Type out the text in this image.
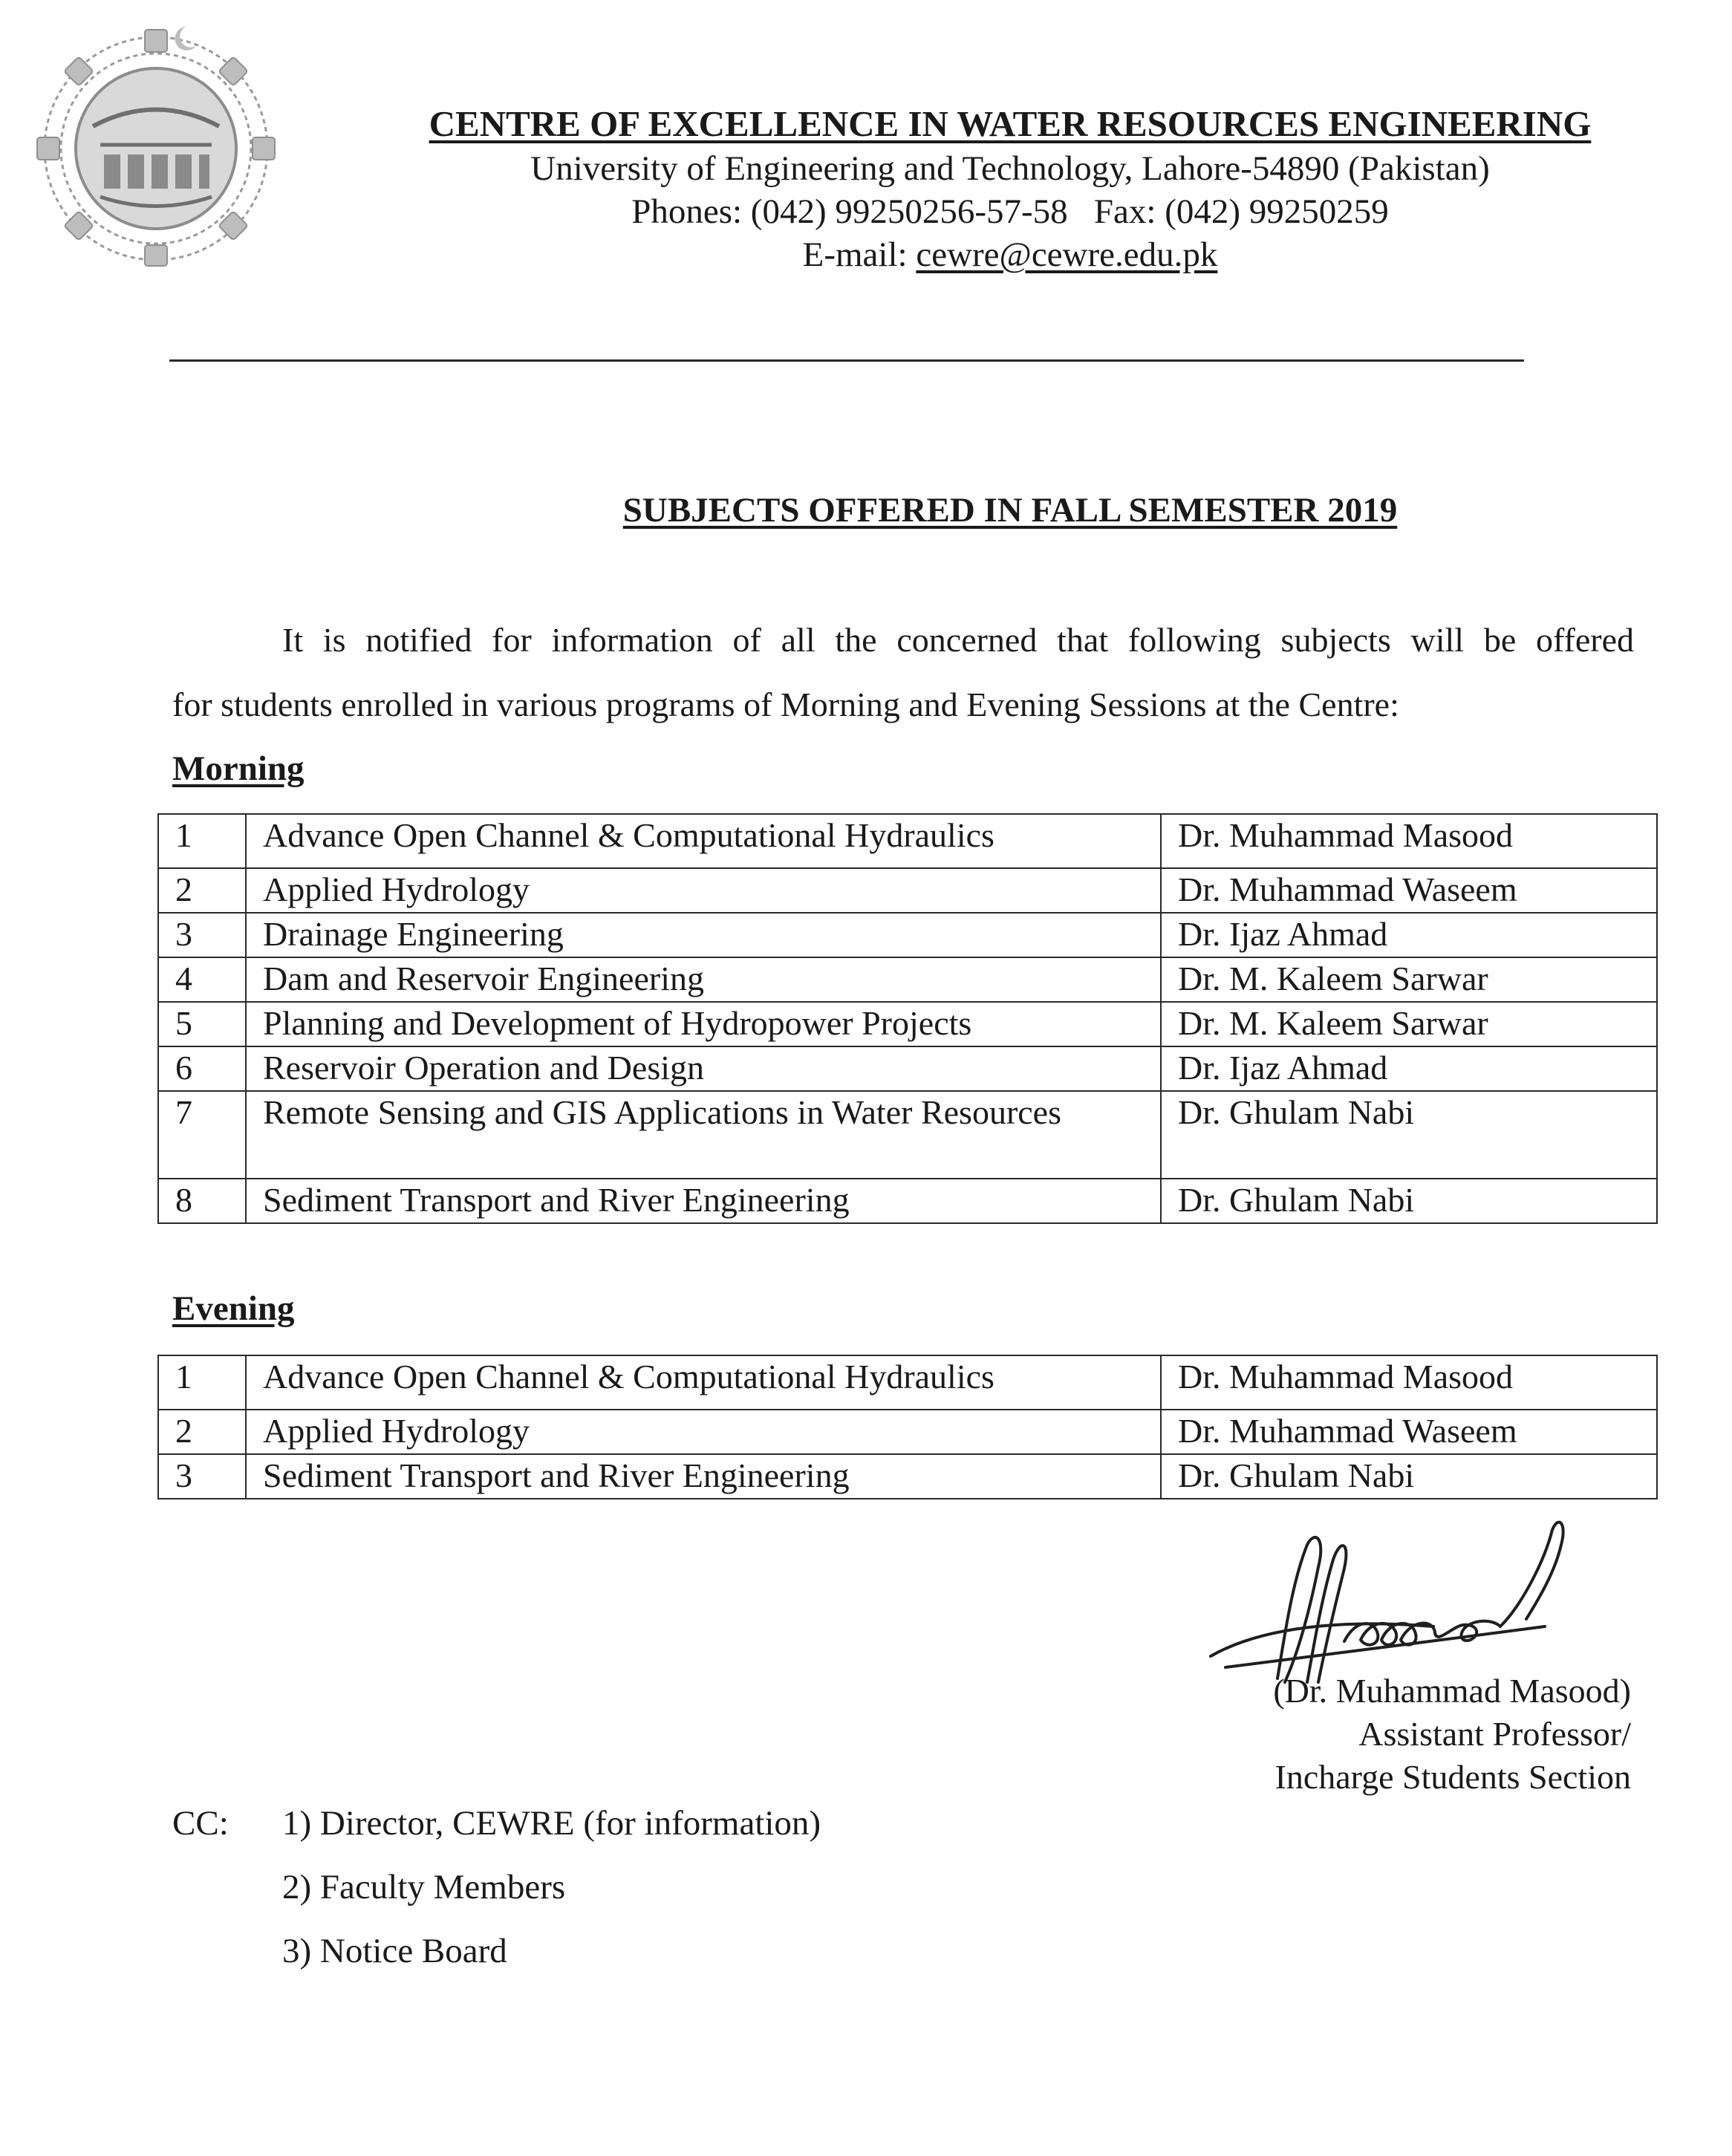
CENTRE OF EXCELLENCE IN WATER RESOURCES ENGINEERING
University of Engineering and Technology, Lahore-54890 (Pakistan)
Phones: (042) 99250256-57-58   Fax: (042) 99250259
E-mail: cewre@cewre.edu.pk
SUBJECTS OFFERED IN FALL SEMESTER 2019
It is notified for information of all the concerned that following subjects will be offered
for students enrolled in various programs of Morning and Evening Sessions at the Centre:
Morning
1	Advance Open Channel & Computational Hydraulics	Dr. Muhammad Masood
2	Applied Hydrology	Dr. Muhammad Waseem
3	Drainage Engineering	Dr. Ijaz Ahmad
4	Dam and Reservoir Engineering	Dr. M. Kaleem Sarwar
5	Planning and Development of Hydropower Projects	Dr. M. Kaleem Sarwar
6	Reservoir Operation and Design	Dr. Ijaz Ahmad
7	Remote Sensing and GIS Applications in Water Resources	Dr. Ghulam Nabi
8	Sediment Transport and River Engineering	Dr. Ghulam Nabi
Evening
1	Advance Open Channel & Computational Hydraulics	Dr. Muhammad Masood
2	Applied Hydrology	Dr. Muhammad Waseem
3	Sediment Transport and River Engineering	Dr. Ghulam Nabi
(Dr. Muhammad Masood)
Assistant Professor/
Incharge Students Section
CC: 1) Director, CEWRE (for information)
2) Faculty Members
3) Notice Board
